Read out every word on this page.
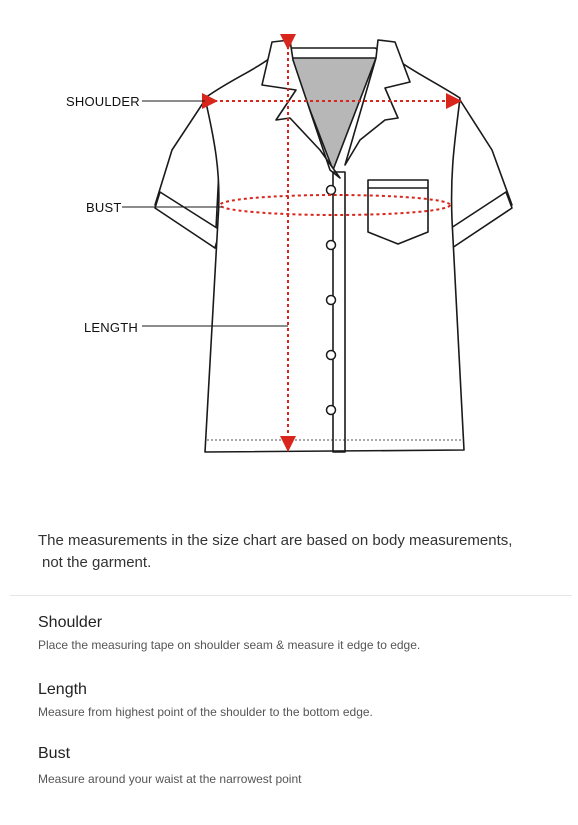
SHOULDER
BUST
LENGTH
The measurements in the size chart are based on body measurements,
not the garment.
Shoulder
Place the measuring tape on shoulder seam & measure it edge to edge.
Length
Measure from highest point of the shoulder to the bottom edge.
Bust
Measure around your waist at the narrowest point
